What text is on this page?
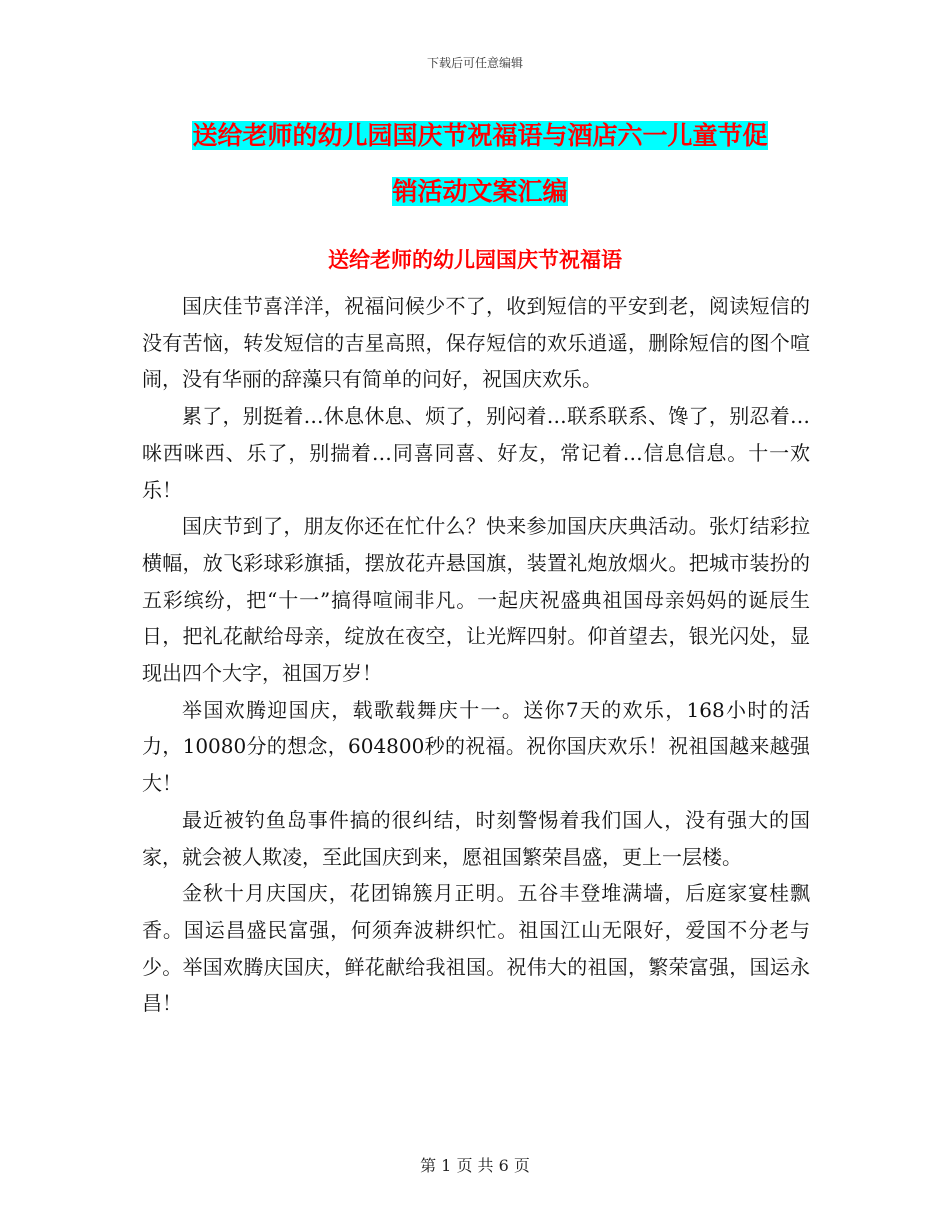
下载后可任意编辑
送给老师的幼儿园国庆节祝福语与酒店六一儿童节促
销活动文案汇编
送给老师的幼儿园国庆节祝福语

国庆佳节喜洋洋，祝福问候少不了，收到短信的平安到老，阅读短信的没有苦恼，转发短信的吉星高照，保存短信的欢乐逍遥，删除短信的图个喧闹，没有华丽的辞藻只有简单的问好，祝国庆欢乐。

累了，别挺着…休息休息、烦了，别闷着…联系联系、馋了，别忍着…咪西咪西、乐了，别揣着…同喜同喜、好友，常记着…信息信息。十一欢乐！

国庆节到了，朋友你还在忙什么？快来参加国庆庆典活动。张灯结彩拉横幅，放飞彩球彩旗插，摆放花卉悬国旗，装置礼炮放烟火。把城市装扮的五彩缤纷，把“十一”搞得喧闹非凡。一起庆祝盛典祖国母亲妈妈的诞辰生日，把礼花献给母亲，绽放在夜空，让光辉四射。仰首望去，银光闪处，显现出四个大字，祖国万岁！

举国欢腾迎国庆，载歌载舞庆十一。送你7天的欢乐，168小时的活力，10080分的想念，604800秒的祝福。祝你国庆欢乐！祝祖国越来越强大！

最近被钓鱼岛事件搞的很纠结，时刻警惕着我们国人，没有强大的国家，就会被人欺凌，至此国庆到来，愿祖国繁荣昌盛，更上一层楼。

金秋十月庆国庆，花团锦簇月正明。五谷丰登堆满墙，后庭家宴桂飘香。国运昌盛民富强，何须奔波耕织忙。祖国江山无限好，爱国不分老与少。举国欢腾庆国庆，鲜花献给我祖国。祝伟大的祖国，繁荣富强，国运永昌！

第 1 页 共 6 页
